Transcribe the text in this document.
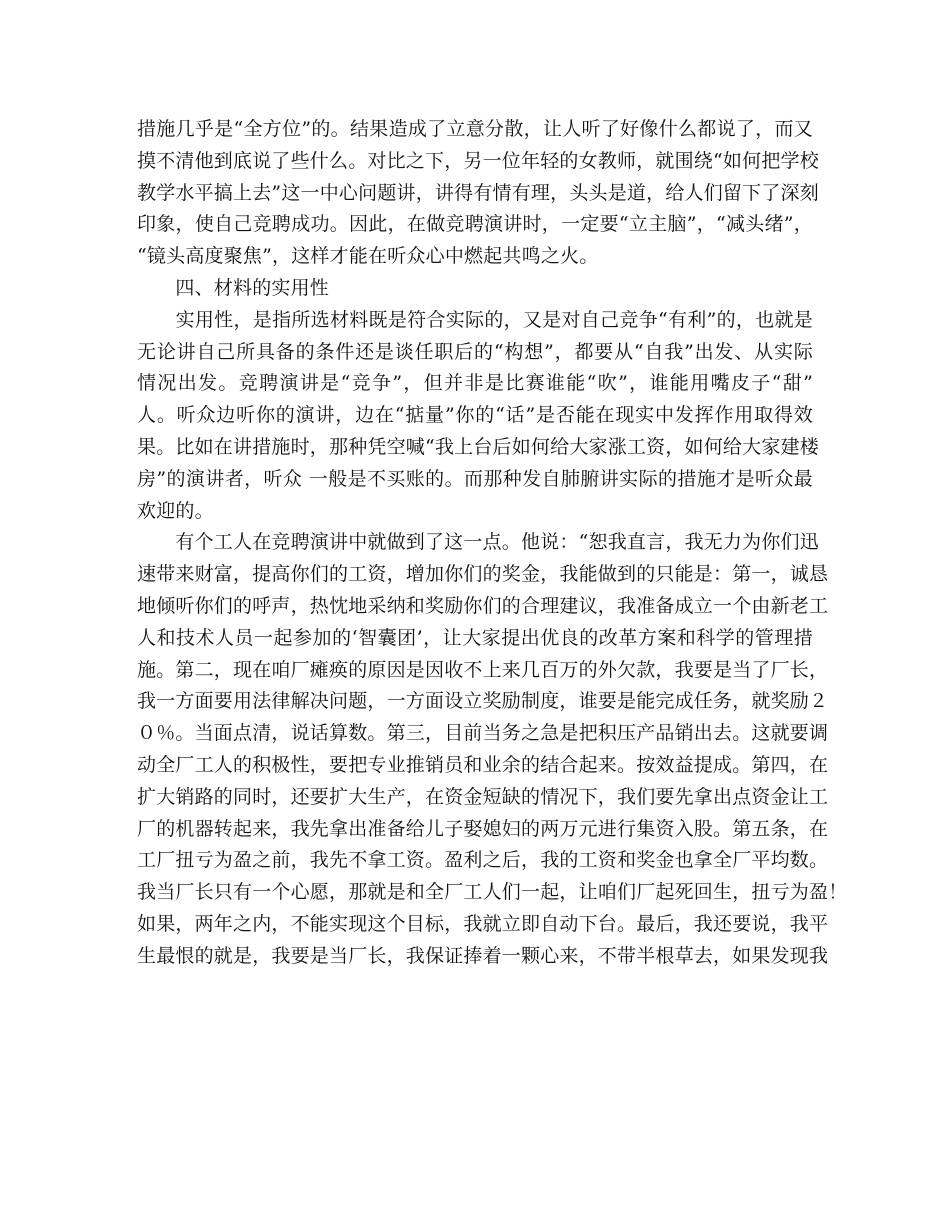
措施几乎是“全方位”的。结果造成了立意分散，让人听了好像什么都说了，而又
摸不清他到底说了些什么。对比之下，另一位年轻的女教师，就围绕“如何把学校
教学水平搞上去”这一中心问题讲，讲得有情有理，头头是道，给人们留下了深刻
印象，使自己竞聘成功。因此，在做竞聘演讲时，一定要“立主脑”，“减头绪”，
“镜头高度聚焦”，这样才能在听众心中燃起共鸣之火。
　　四、材料的实用性
　　实用性，是指所选材料既是符合实际的，又是对自己竞争“有利”的，也就是
无论讲自己所具备的条件还是谈任职后的“构想”，都要从“自我”出发、从实际
情况出发。竞聘演讲是“竞争”，但并非是比赛谁能“吹”，谁能用嘴皮子“甜”
人。听众边听你的演讲，边在“掂量”你的“话”是否能在现实中发挥作用取得效
果。比如在讲措施时，那种凭空喊“我上台后如何给大家涨工资，如何给大家建楼
房”的演讲者，听众 一般是不买账的。而那种发自肺腑讲实际的措施才是听众最
欢迎的。
　　有个工人在竞聘演讲中就做到了这一点。他说：“恕我直言，我无力为你们迅
速带来财富，提高你们的工资，增加你们的奖金，我能做到的只能是：第一，诚恳
地倾听你们的呼声，热忱地采纳和奖励你们的合理建议，我准备成立一个由新老工
人和技术人员一起参加的‘智囊团’，让大家提出优良的改革方案和科学的管理措
施。第二，现在咱厂瘫痪的原因是因收不上来几百万的外欠款，我要是当了厂长，
我一方面要用法律解决问题，一方面设立奖励制度，谁要是能完成任务，就奖励２
０％。当面点清，说话算数。第三，目前当务之急是把积压产品销出去。这就要调
动全厂工人的积极性，要把专业推销员和业余的结合起来。按效益提成。第四，在
扩大销路的同时，还要扩大生产，在资金短缺的情况下，我们要先拿出点资金让工
厂的机器转起来，我先拿出准备给儿子娶媳妇的两万元进行集资入股。第五条，在
工厂扭亏为盈之前，我先不拿工资。盈利之后，我的工资和奖金也拿全厂平均数。
我当厂长只有一个心愿，那就是和全厂工人们一起，让咱们厂起死回生，扭亏为盈！
如果，两年之内，不能实现这个目标，我就立即自动下台。最后，我还要说，我平
生最恨的就是，我要是当厂长，我保证捧着一颗心来，不带半根草去，如果发现我
